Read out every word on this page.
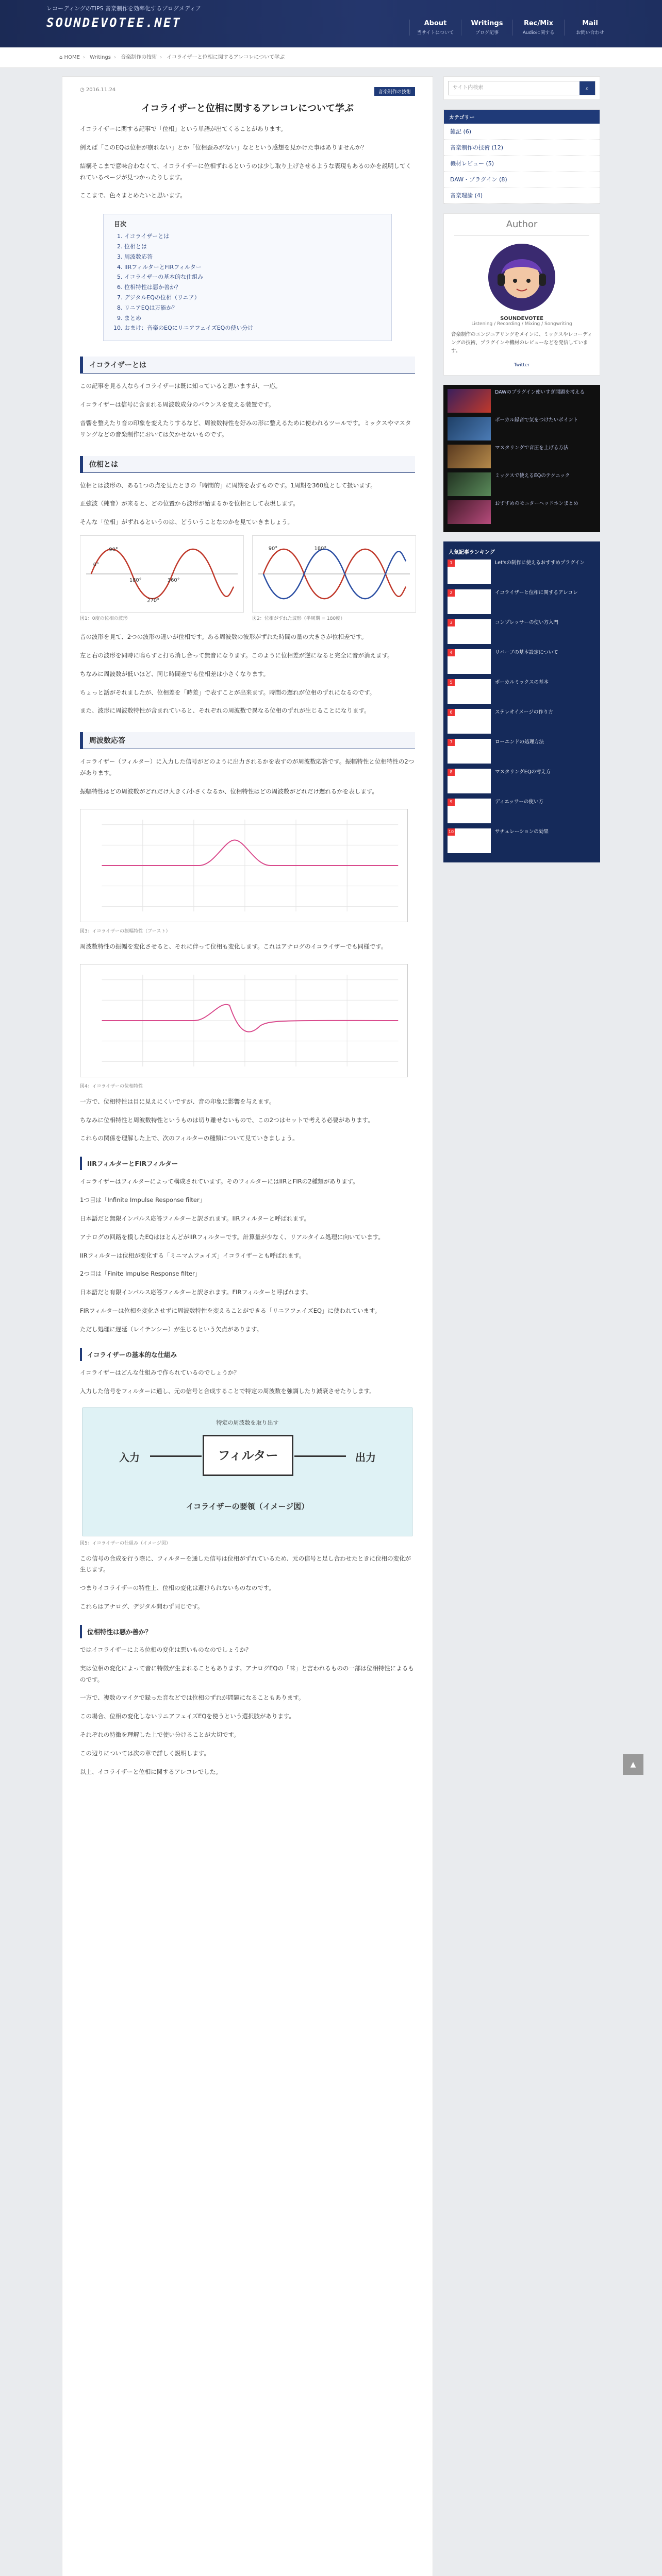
レコーディングのTIPS 音楽制作を効率化するブログメディア
SOUNDEVOTEE.NET	About
当サイトについて
Writings
ブログ記事
Rec/Mix
Audioに関する
Mail
お問い合わせ
⌂ HOME › Writings › 音楽制作の技術 › イコライザーと位相に関するアレコレについて学ぶ
◷ 2016.11.24	音楽制作の技術
イコライザーと位相に関するアレコレについて学ぶ

イコライザーに関する記事で「位相」という単語が出てくることがあります。

例えば「このEQは位相が崩れない」とか「位相歪みがない」なとという感想を見かけた事はありませんか？

結構そこまで意味合わなくて、イコライザーに位相ずれるというのは少し取り上げさせるような表現もあるのかを説明してくれているページが見つかったりします。

ここまで、色々まとめたいと思います。

目次
1. イコライザーとは
2. 位相とは
3. 周波数応答
4. IIRフィルターとFIRフィルター
5. イコライザーの基本的な仕組み
6. 位相特性は悪か善か？
7. デジタルEQの位相（リニア）
8. リニアEQは万能か？
9. まとめ
10. おまけ：音楽のEQにリニアフェイズEQの使い分け
イコライザーとは

この記事を見る人ならイコライザーは既に知っていると思いますが、一応。

イコライザーは信号に含まれる周波数成分のバランスを変える装置です。

音響を整えたり音の印象を変えたりするなど、周波数特性を好みの形に整えるために使われるツールです。ミックスやマスタリングなどの音楽制作においては欠かせないものです。

位相とは

位相とは波形の、ある1つの点を見たときの「時間的」に周期を表すものです。1周期を360度として扱います。

正弦波（純音）が来ると、どの位置から波形が始まるかを位相として表現します。

そんな「位相」がずれるというのは、どういうことなのかを見ていきましょう。

0°
90°
180°
270°
360°
図1：0度の位相の波形
90°	180°
図2：位相がずれた波形（半周期 = 180度）

音の波形を見て、2つの波形の違いが位相です。ある周波数の波形がずれた時間の量の大きさが位相差です。

左と右の波形を同時に鳴らすと打ち消し合って無音になります。このように位相差が逆になると完全に音が消えます。

ちなみに周波数が低いほど、同じ時間差でも位相差は小さくなります。

ちょっと話がそれましたが、位相差を「時差」で表すことが出来ます。時間の遅れが位相のずれになるのです。

また、波形に周波数特性が含まれていると、それぞれの周波数で異なる位相のずれが生じることになります。

周波数応答

イコライザー（フィルター）に入力した信号がどのように出力されるかを表すのが周波数応答です。振幅特性と位相特性の2つがあります。

振幅特性はどの周波数がどれだけ大きく/小さくなるか、位相特性はどの周波数がどれだけ遅れるかを表します。

図3：イコライザーの振幅特性（ブースト）

周波数特性の振幅を変化させると、それに伴って位相も変化します。これはアナログのイコライザーでも同様です。

図4：イコライザーの位相特性

一方で、位相特性は目に見えにくいですが、音の印象に影響を与えます。

ちなみに位相特性と周波数特性というものは切り離せないもので、この2つはセットで考える必要があります。

これらの関係を理解した上で、次のフィルターの種類について見ていきましょう。

IIRフィルターとFIRフィルター

イコライザーはフィルターによって構成されています。そのフィルターにはIIRとFIRの2種類があります。

1つ目は「Infinite Impulse Response filter」

日本語だと無限インパルス応答フィルターと訳されます。IIRフィルターと呼ばれます。

アナログの回路を模したEQはほとんどがIIRフィルターです。計算量が少なく、リアルタイム処理に向いています。

IIRフィルターは位相が変化する「ミニマムフェイズ」イコライザーとも呼ばれます。

2つ目は「Finite Impulse Response filter」

日本語だと有限インパルス応答フィルターと訳されます。FIRフィルターと呼ばれます。

FIRフィルターは位相を変化させずに周波数特性を変えることができる「リニアフェイズEQ」に使われています。

ただし処理に遅延（レイテンシー）が生じるという欠点があります。

イコライザーの基本的な仕組み

イコライザーはどんな仕組みで作られているのでしょうか？

入力した信号をフィルターに通し、元の信号と合成することで特定の周波数を強調したり減衰させたりします。

特定の周波数を取り出す
フィルター
入力	出力
イコライザーの要領（イメージ図）
図5：イコライザーの仕組み（イメージ図）

この信号の合成を行う際に、フィルターを通した信号は位相がずれているため、元の信号と足し合わせたときに位相の変化が生じます。

つまりイコライザーの特性上、位相の変化は避けられないものなのです。

これらはアナログ、デジタル問わず同じです。

位相特性は悪か善か？

ではイコライザーによる位相の変化は悪いものなのでしょうか？

実は位相の変化によって音に特徴が生まれることもあります。アナログEQの「味」と言われるものの一部は位相特性によるものです。

一方で、複数のマイクで録った音などでは位相のずれが問題になることもあります。

この場合、位相の変化しないリニアフェイズEQを使うという選択肢があります。

それぞれの特徴を理解した上で使い分けることが大切です。

この辺りについては次の章で詳しく説明します。

以上、イコライザーと位相に関するアレコレでした。

サイト内検索	⌕
カテゴリー
雑記 (6)
音楽制作の技術 (12)
機材レビュー (5)
DAW・プラグイン (8)
音楽理論 (4)
Author
SOUNDEVOTEE
Listening / Recording / Mixing / Songwriting
音楽制作のエンジニアリングをメインに、ミックスやレコーディングの技術、プラグインや機材のレビューなどを発信しています。
Twitter
DAWのプラグイン使いすぎ問題を考える
ボーカル録音で気をつけたいポイント
マスタリングで音圧を上げる方法
ミックスで使えるEQのテクニック
おすすめのモニターヘッドホンまとめ
人気記事ランキング
1	Let'sの制作に使えるおすすめプラグイン
2	イコライザーと位相に関するアレコレ
3	コンプレッサーの使い方入門
4	リバーブの基本設定について
5	ボーカルミックスの基本
6	ステレオイメージの作り方
7	ローエンドの処理方法
8	マスタリングEQの考え方
9	ディエッサーの使い方
10	サチュレーションの効果
▲
